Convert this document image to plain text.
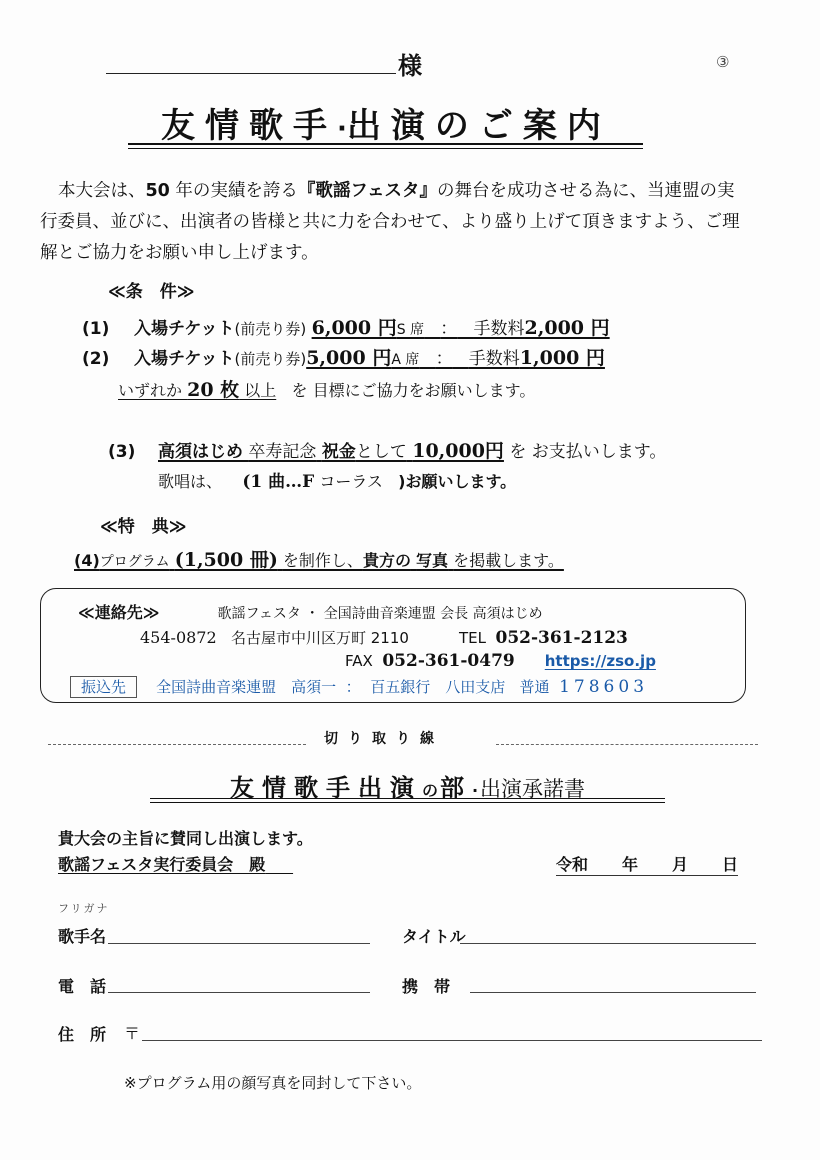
様	③
友情歌手·出演のご案内
本大会は、50 年の実績を誇る『歌謡フェスタ』の舞台を成功させる為に、当連盟の実
行委員、並びに、出演者の皆様と共に力を合わせて、より盛り上げて頂きますよう、ご理
解とご協力をお願い申し上げます。
≪条　件≫
(1) 入場チケット(前売り券) 6,000 円S 席 ： 手数料2,000 円
(2) 入場チケット(前売り券)5,000 円A 席 ： 手数料1,000 円
いずれか 20 枚 以上 を 目標にご協力をお願いします。
(3) 高須はじめ 卒寿記念 祝金として 10,000円 を お支払いします。
歌唱は、 (1 曲…F コーラス )お願いします。
≪特　典≫
(4)プログラム (1,500 冊) を制作し、貴方の 写真 を掲載します。
≪連絡先≫	歌謡フェスタ ・ 全国詩曲音楽連盟 会長 高須はじめ
454-0872 名古屋市中川区万町 2110	TEL 052-361-2123
FAX 052-361-0479 https://zso.jp
振込先 全国詩曲音楽連盟　高須一 ： 百五銀行　八田支店 普通 178603
切り取り線
友情歌手出演の部·出演承諾書
貴大会の主旨に賛同し出演します。
歌謡フェスタ実行委員会　殿	令和 年 月 日
フリガナ
歌手名	タイトル
電　話	携　帯
住　所 〒
※プログラム用の顔写真を同封して下さい。
